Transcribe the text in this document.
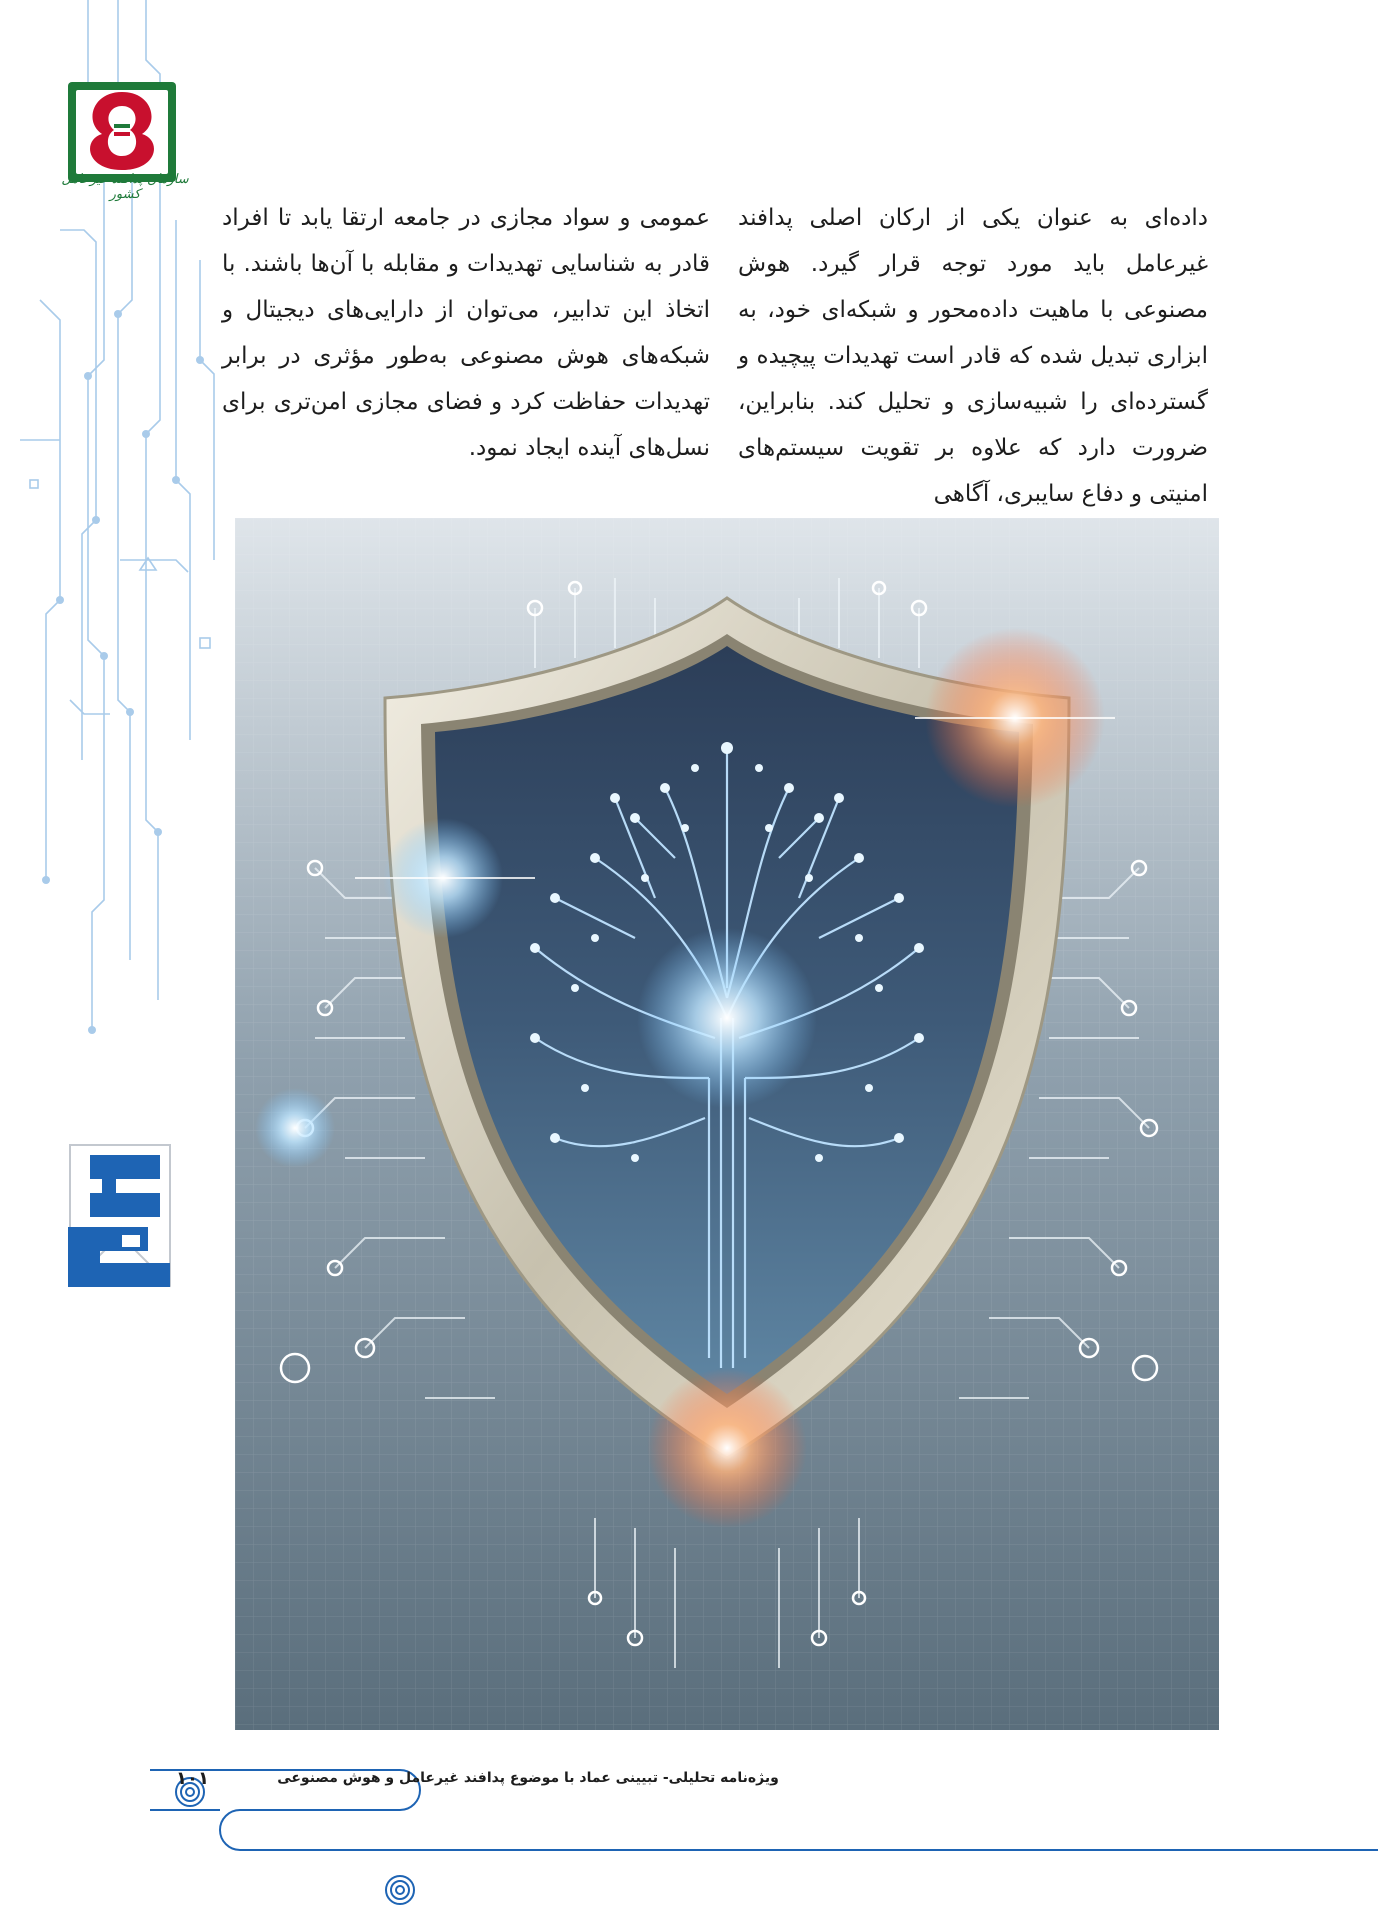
سازمان پدافند غیرعامل کشور

داده‌ای به عنوان یکی از ارکان اصلی پدافند غیرعامل باید مورد توجه قرار گیرد. هوش مصنوعی با ماهیت داده‌محور و شبکه‌ای خود، به ابزاری تبدیل شده که قادر است تهدیدات پیچیده و گسترده‌ای را شبیه‌سازی و تحلیل کند. بنابراین، ضرورت دارد که علاوه بر تقویت سیستم‌های امنیتی و دفاع سایبری، آگاهی

عمومی و سواد مجازی در جامعه ارتقا یابد تا افراد قادر به شناسایی تهدیدات و مقابله با آن‌ها باشند. با اتخاذ این تدابیر، می‌توان از دارایی‌های دیجیتال و شبکه‌های هوش مصنوعی به‌طور مؤثری در برابر تهدیدات حفاظت کرد و فضای مجازی امن‌تری برای نسل‌های آینده ایجاد نمود.

۱۰۱	ویژه‌نامه تحلیلی- تبیینی عماد با موضوع پدافند غیرعامل و هوش مصنوعی
